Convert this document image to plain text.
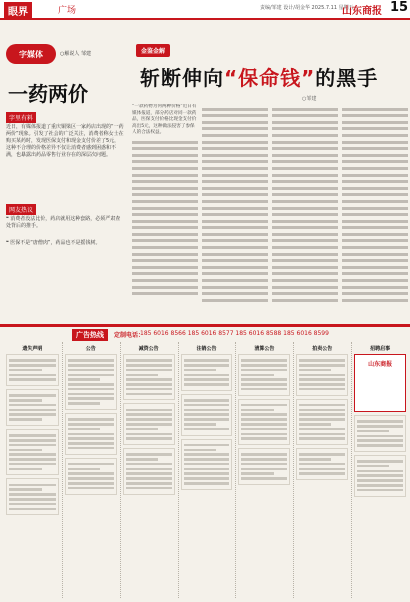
眼界	广场	责编/邹建 设计/胡金华 2025.7.11 星期五
山东商报 15
字媒体	○解说人 邹建
一药两价
字里有料
近日，有媒体报道了重庆铜梁区一家药店出现的“一药两价”现象。引发了社会的广泛关注，消费者称女士在购买某药时，发现医保支付和现金支付价差了5元，这种不合理的价格差异不仅让消费者感到困惑和不满，也暴露出药品零售行业存在的深层次问题。
网友热议
❝ 消费者没法比价，药店就用这种套路，必须严肃查处背后的推手。
❝ 医保不是“唐僧肉”，药品也不是摇钱树。
金鉴金解
斩断伸向“保命钱”的黑手
○邹建
“一款药物为何两种价格”近日有媒体报道，部分药店对同一款药品，医保支付价格比现金支付价高出5元，这种做法侵害了参保人的合法权益。
广告热线	定制电话：
185 6016 8566 185 6016 8577 185 6016 8588 185 6016 8599
遗失声明	公告	减资公告	注销公告	清算公告	拍卖公告	招聘启事
山东商报
